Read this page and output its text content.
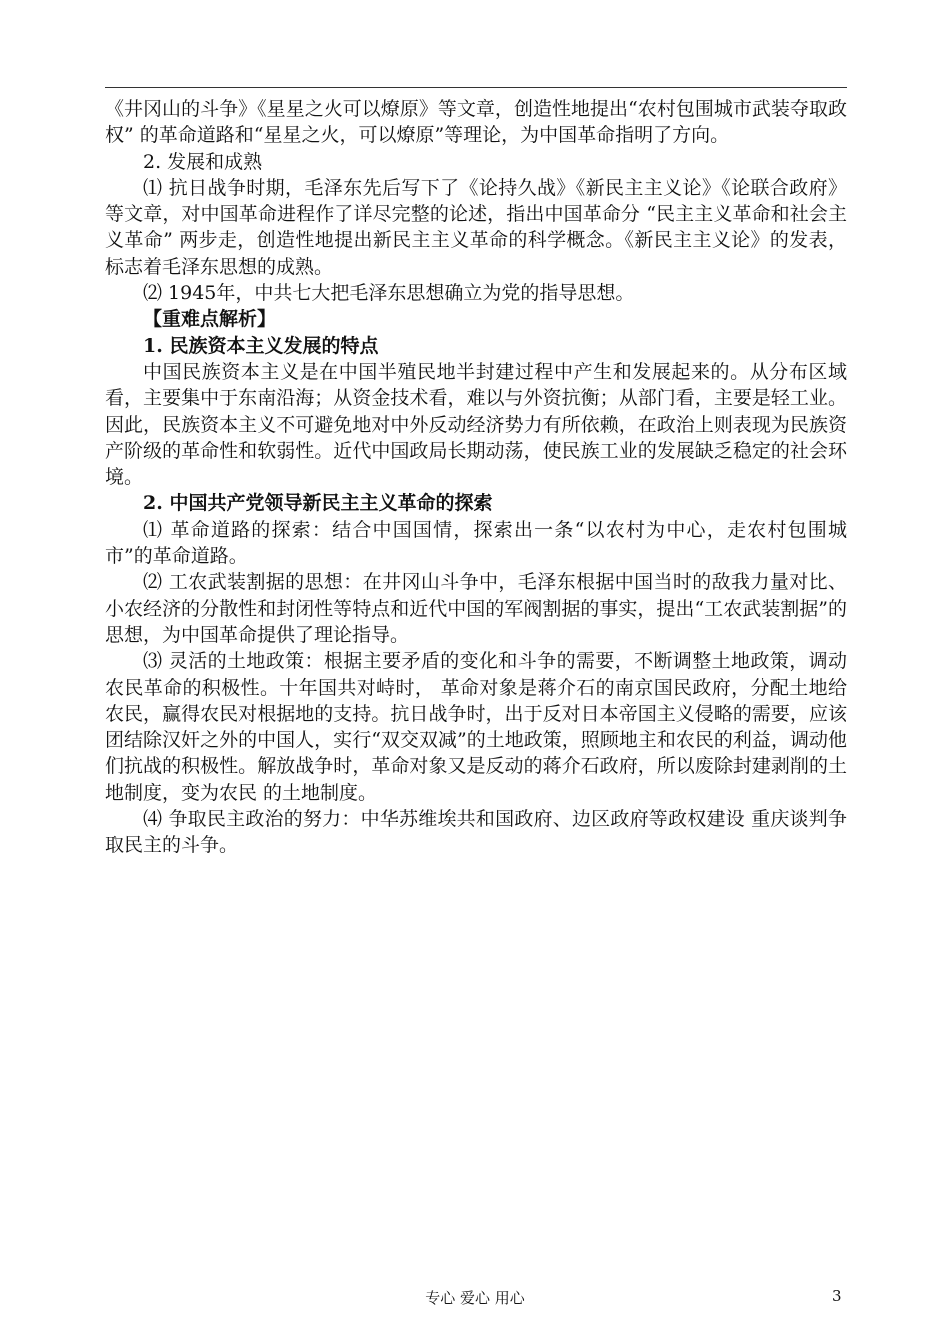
《井冈山的斗争》《星星之火可以燎原》等文章，创造性地提出“农村包围城市武装夺取政权” 的革命道路和“星星之火，可以燎原”等理论，为中国革命指明了方向。

2. 发展和成熟

⑴ 抗日战争时期，毛泽东先后写下了《论持久战》《新民主主义论》《论联合政府》等文章，对中国革命进程作了详尽完整的论述，指出中国革命分 “民主主义革命和社会主义革命” 两步走，创造性地提出新民主主义革命的科学概念。《新民主主义论》的发表，标志着毛泽东思想的成熟。

⑵ 1945年，中共七大把毛泽东思想确立为党的指导思想。

【重难点解析】

1. 民族资本主义发展的特点

中国民族资本主义是在中国半殖民地半封建过程中产生和发展起来的。从分布区域看，主要集中于东南沿海；从资金技术看，难以与外资抗衡；从部门看，主要是轻工业。因此，民族资本主义不可避免地对中外反动经济势力有所依赖，在政治上则表现为民族资产阶级的革命性和软弱性。近代中国政局长期动荡，使民族工业的发展缺乏稳定的社会环境。

2. 中国共产党领导新民主主义革命的探索

⑴ 革命道路的探索：结合中国国情，探索出一条“以农村为中心，走农村包围城市”的革命道路。

⑵ 工农武装割据的思想：在井冈山斗争中，毛泽东根据中国当时的敌我力量对比、小农经济的分散性和封闭性等特点和近代中国的军阀割据的事实，提出“工农武装割据”的思想，为中国革命提供了理论指导。

⑶ 灵活的土地政策：根据主要矛盾的变化和斗争的需要，不断调整土地政策，调动农民革命的积极性。十年国共对峙时， 革命对象是蒋介石的南京国民政府，分配土地给农民，赢得农民对根据地的支持。抗日战争时，出于反对日本帝国主义侵略的需要，应该团结除汉奸之外的中国人，实行“双交双减”的土地政策，照顾地主和农民的利益，调动他们抗战的积极性。解放战争时，革命对象又是反动的蒋介石政府，所以废除封建剥削的土地制度，变为农民 的土地制度。

⑷ 争取民主政治的努力：中华苏维埃共和国政府、边区政府等政权建设 重庆谈判争取民主的斗争。

专心 爱心 用心	3
